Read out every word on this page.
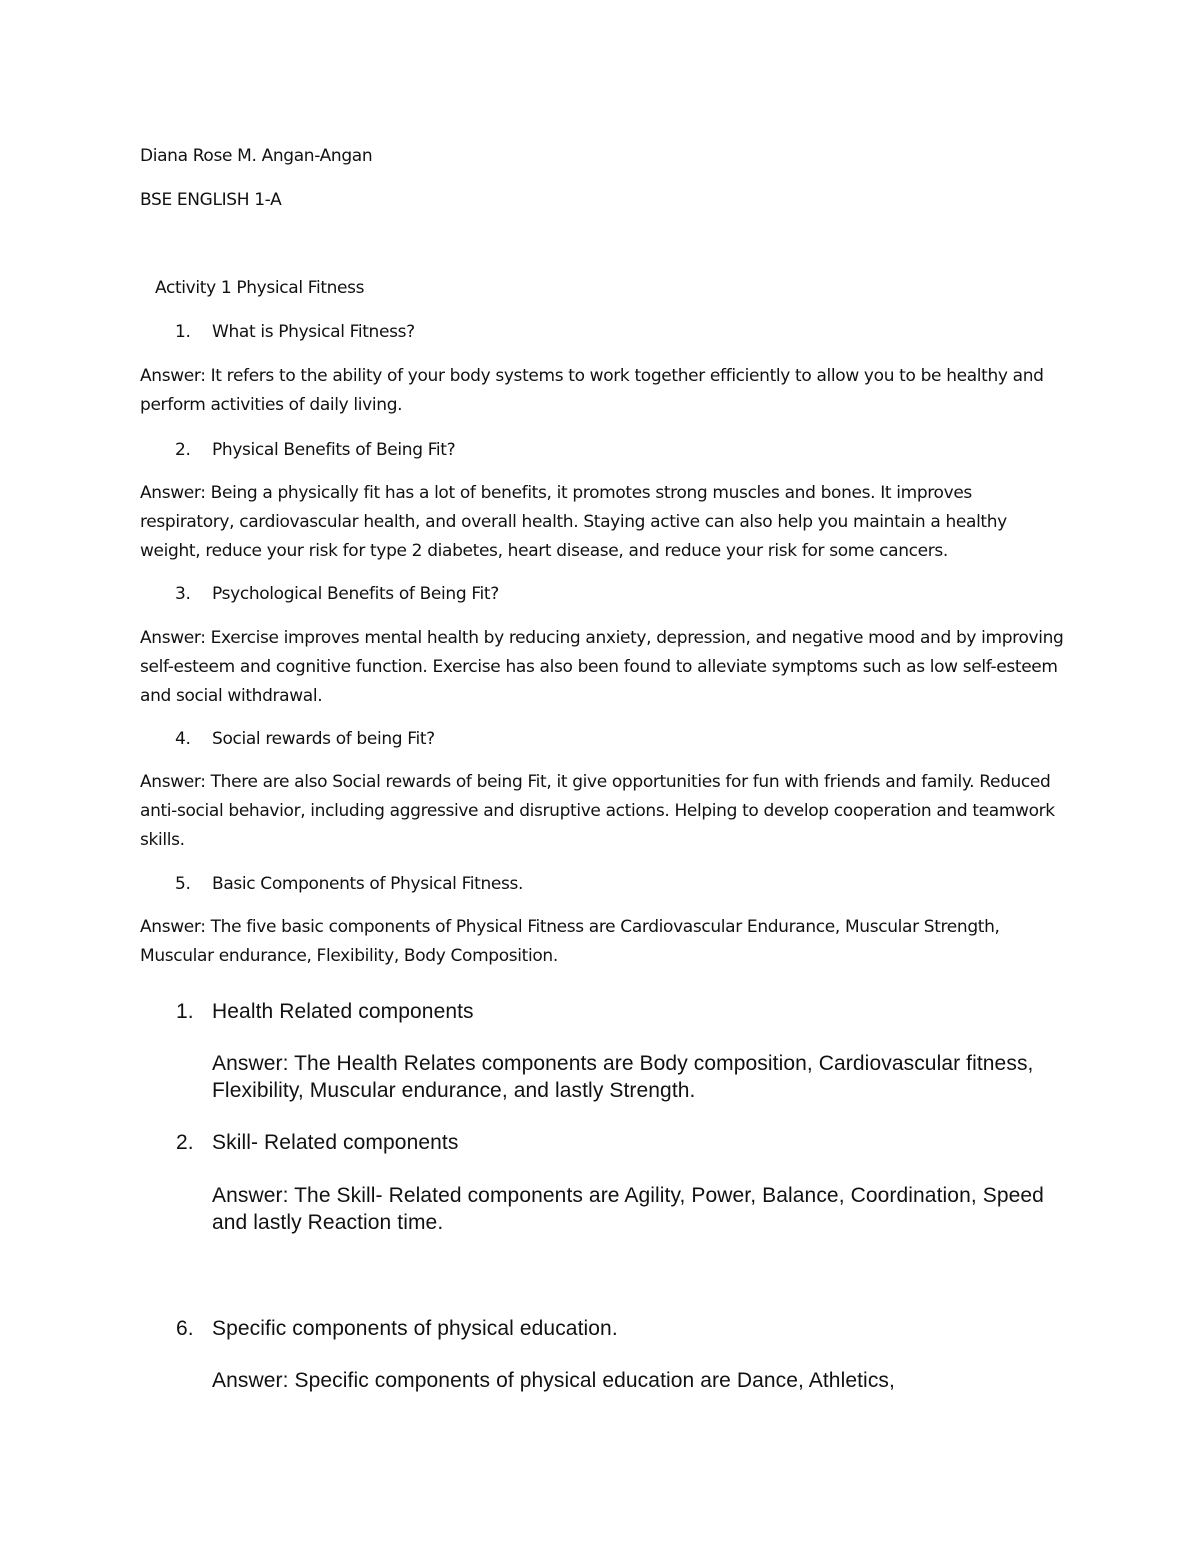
Diana Rose M. Angan-Angan

BSE ENGLISH 1-A

Activity 1 Physical Fitness

1. What is Physical Fitness?

Answer: It refers to the ability of your body systems to work together efficiently to allow you to be healthy and perform activities of daily living.

2. Physical Benefits of Being Fit?

Answer: Being a physically fit has a lot of benefits, it promotes strong muscles and bones. It improves respiratory, cardiovascular health, and overall health. Staying active can also help you maintain a healthy weight, reduce your risk for type 2 diabetes, heart disease, and reduce your risk for some cancers.

3. Psychological Benefits of Being Fit?

Answer: Exercise improves mental health by reducing anxiety, depression, and negative mood and by improving self-esteem and cognitive function. Exercise has also been found to alleviate symptoms such as low self-esteem and social withdrawal.

4. Social rewards of being Fit?

Answer: There are also Social rewards of being Fit, it give opportunities for fun with friends and family. Reduced anti-social behavior, including aggressive and disruptive actions. Helping to develop cooperation and teamwork skills.

5. Basic Components of Physical Fitness.

Answer: The five basic components of Physical Fitness are Cardiovascular Endurance, Muscular Strength, Muscular endurance, Flexibility, Body Composition.

1. Health Related components

Answer: The Health Relates components are Body composition, Cardiovascular fitness, Flexibility, Muscular endurance, and lastly Strength.

2. Skill- Related components

Answer: The Skill- Related components are Agility, Power, Balance, Coordination, Speed and lastly Reaction time.

6. Specific components of physical education.

Answer: Specific components of physical education are Dance, Athletics,
